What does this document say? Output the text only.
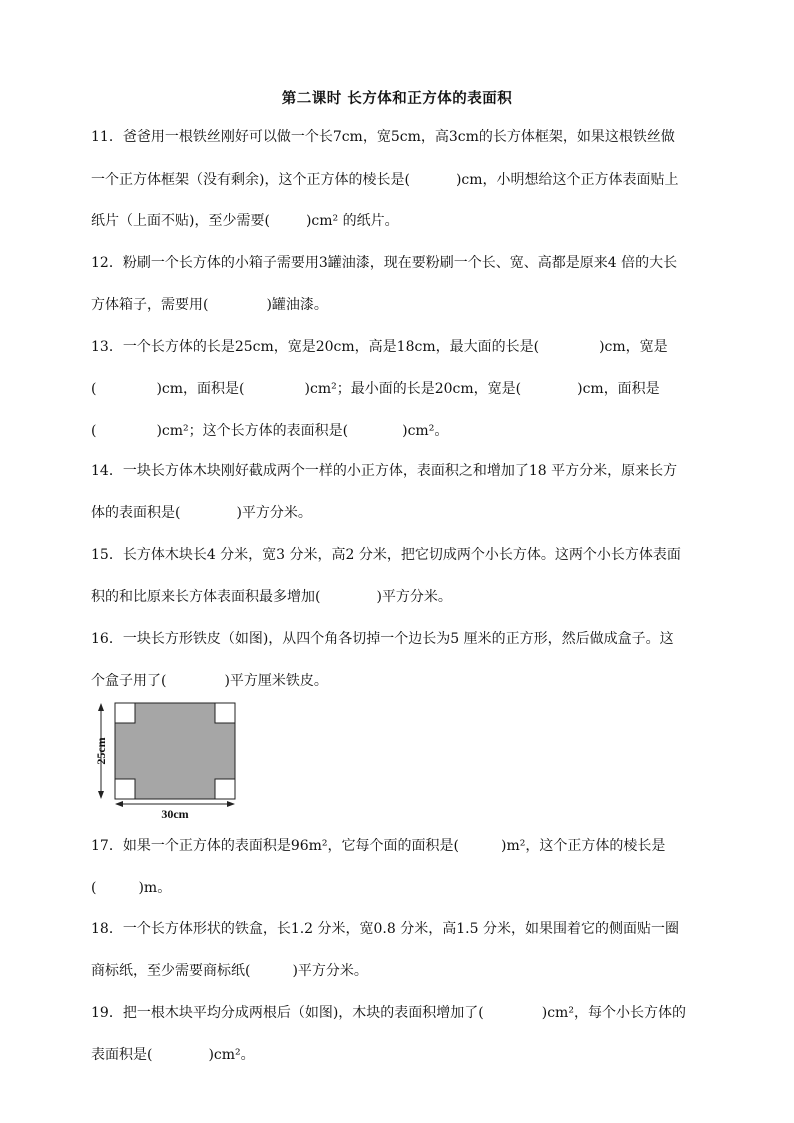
第二课时 长方体和正方体的表面积
11．爸爸用一根铁丝刚好可以做一个长7cm，宽5cm，高3cm的长方体框架，如果这根铁丝做
一个正方体框架（没有剩余)，这个正方体的棱长是(	)cm，小明想给这个正方体表面贴上
纸片（上面不贴)，至少需要(	)cm² 的纸片。
12．粉刷一个长方体的小箱子需要用3罐油漆，现在要粉刷一个长、宽、高都是原来4 倍的大长
方体箱子，需要用(	)罐油漆。
13．一个长方体的长是25cm，宽是20cm，高是18cm，最大面的长是(	)cm，宽是
(	)cm，面积是(	)cm²；最小面的长是20cm，宽是(	)cm，面积是
(	)cm²；这个长方体的表面积是(	)cm²。
14．一块长方体木块刚好截成两个一样的小正方体，表面积之和增加了18 平方分米，原来长方
体的表面积是(	)平方分米。
15．长方体木块长4 分米，宽3 分米，高2 分米，把它切成两个小长方体。这两个小长方体表面
积的和比原来长方体表面积最多增加(	)平方分米。
16．一块长方形铁皮（如图)，从四个角各切掉一个边长为5 厘米的正方形，然后做成盒子。这
个盒子用了(	)平方厘米铁皮。
25cm
30cm
17．如果一个正方体的表面积是96m²，它每个面的面积是(	)m²，这个正方体的棱长是
(	)m。
18．一个长方体形状的铁盒，长1.2 分米，宽0.8 分米，高1.5 分米，如果围着它的侧面贴一圈
商标纸，至少需要商标纸(	)平方分米。
19．把一根木块平均分成两根后（如图)，木块的表面积增加了(	)cm²，每个小长方体的
表面积是(	)cm²。
